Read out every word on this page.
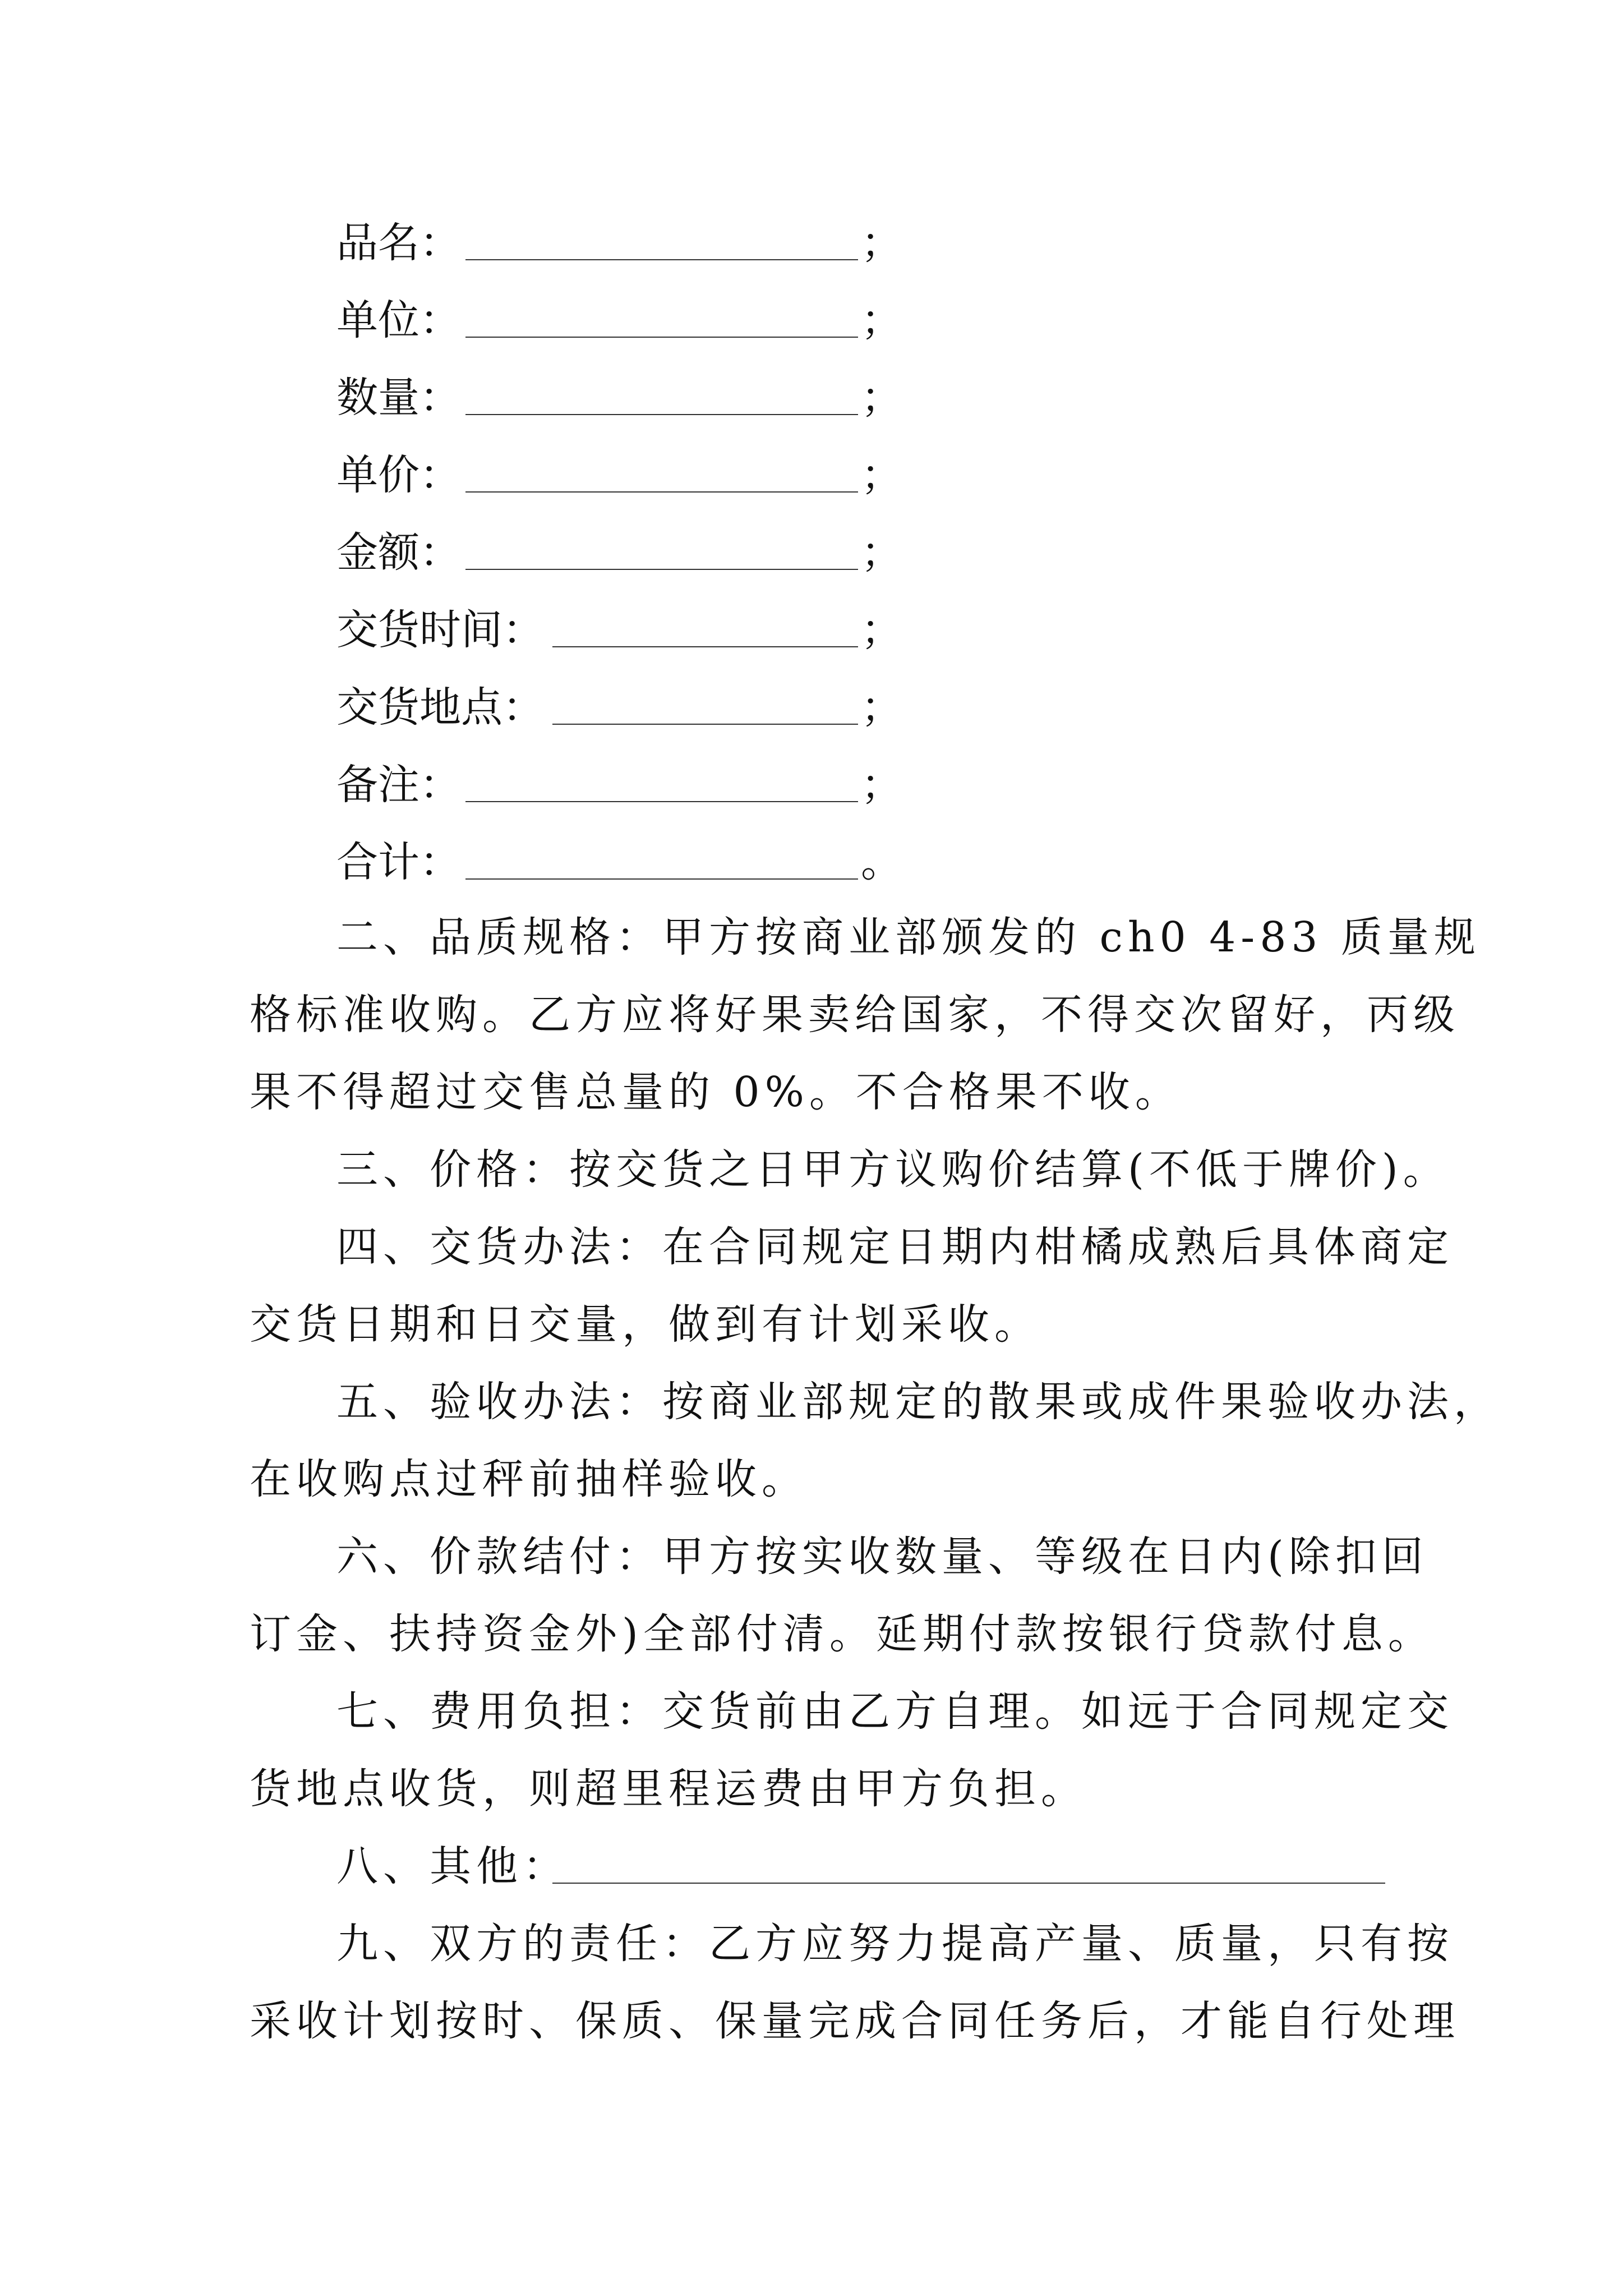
品名：	；
单位：	；
数量：	；
单价：	；
金额：	；
交货时间：	；
交货地点：	；
备注：	；
合计：	。
二、品质规格：甲方按商业部颁发的 ch0 4-83 质量规
格标准收购。乙方应将好果卖给国家，不得交次留好，丙级
果不得超过交售总量的 0%。不合格果不收。
三、价格：按交货之日甲方议购价结算(不低于牌价)。
四、交货办法：在合同规定日期内柑橘成熟后具体商定
交货日期和日交量，做到有计划采收。
五、验收办法：按商业部规定的散果或成件果验收办法，
在收购点过秤前抽样验收。
六、价款结付：甲方按实收数量、等级在日内(除扣回
订金、扶持资金外)全部付清。延期付款按银行贷款付息。
七、费用负担：交货前由乙方自理。如远于合同规定交
货地点收货，则超里程运费由甲方负担。
八、其他：
九、双方的责任：乙方应努力提高产量、质量，只有按
采收计划按时、保质、保量完成合同任务后，才能自行处理
